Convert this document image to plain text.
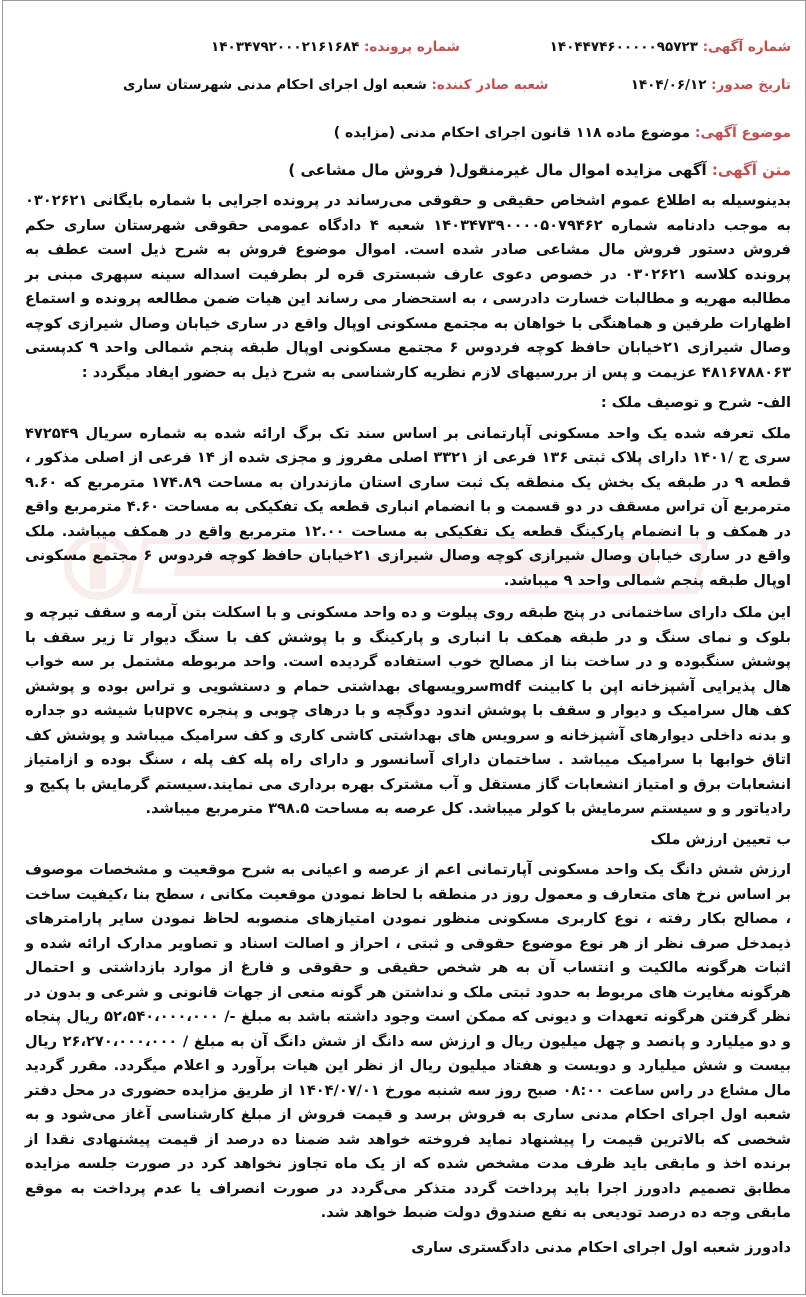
شماره آگهی: ۱۴۰۴۴۷۴۶۰۰۰۰۰۹۵۷۲۳
شماره پرونده: ۱۴۰۳۴۷۹۲۰۰۰۲۱۶۱۶۸۴
تاریخ صدور: ۱۴۰۴/۰۶/۱۲
شعبه صادر کننده: شعبه اول اجرای احکام مدنی شهرستان ساری
موضوع آگهی: موضوع ماده ۱۱۸ قانون اجرای احکام مدنی (مزایده )
متن آگهی: آگهی مزایده اموال مال غیرمنقول( فروش مال مشاعی )

بدینوسیله به اطلاع عموم اشخاص حقیقی و حقوقی می‌رساند در پرونده اجرایی با شماره بایگانی ۰۳۰۲۶۲۱ به موجب دادنامه شماره ۱۴۰۳۴۷۳۹۰۰۰۰۵۰۷۹۴۶۲ شعبه ۴ دادگاه عمومی حقوقی شهرستان ساری حکم فروش دستور فروش مال مشاعی صادر شده است. اموال موضوع فروش به شرح ذیل است عطف به پرونده کلاسه ۰۳۰۲۶۲۱ در خصوص دعوی عارف شبستری قره لر بطرفیت اسداله سینه سپهری مبنی بر مطالبه مهریه و مطالبات خسارت دادرسی ، به استحضار می رساند این هیات ضمن مطالعه پرونده و استماع اظهارات طرفین و هماهنگی با خواهان به مجتمع مسکونی اوپال واقع در ساری خیابان وصال شیرازی کوچه وصال شیرازی ۲۱خیابان حافظ کوچه فردوس ۶ مجتمع مسکونی اوپال طبقه پنجم شمالی واحد ۹ کدپستی ۴۸۱۶۷۸۸۰۶۳ عزیمت و پس از بررسیهای لازم نظریه کارشناسی به شرح ذیل به حضور ایفاد میگردد :

الف- شرح و توصیف ملک :

ملک تعرفه شده یک واحد مسکونی آپارتمانی بر اساس سند تک برگ ارائه شده به شماره سریال ۴۷۲۵۴۹ سری ج /۱۴۰۱ دارای پلاک ثبتی ۱۳۶ فرعی از ۳۳۲۱ اصلی مفروز و مجزی شده از ۱۴ فرعی از اصلی مذکور ، قطعه ۹ در طبقه یک بخش یک منطقه یک ثبت ساری استان مازندران به مساحت ۱۷۴.۸۹ مترمربع که ۹.۶۰ مترمربع آن تراس مسقف در دو قسمت و با انضمام انباری قطعه یک تفکیکی به مساحت ۴.۶۰ مترمربع واقع در همکف و با انضمام پارکینگ قطعه یک تفکیکی به مساحت ۱۲.۰۰ مترمربع واقع در همکف میباشد. ملک واقع در ساری خیابان وصال شیرازی کوچه وصال شیرازی ۲۱خیابان حافظ کوچه فردوس ۶ مجتمع مسکونی اوپال طبقه پنجم شمالی واحد ۹ میباشد.

این ملک دارای ساختمانی در پنج طبقه روی پیلوت و ده واحد مسکونی و با اسکلت بتن آرمه و سقف تیرچه و بلوک و نمای سنگ و در طبقه همکف با انباری و پارکینگ و با پوشش کف با سنگ دیوار تا زیر سقف با پوشش سنگبوده و در ساخت بنا از مصالح خوب استفاده گردیده است. واحد مربوطه مشتمل بر سه خواب هال پذیرایی آشپزخانه اپن با کابینت mdfسرویسهای بهداشتی حمام و دستشویی و تراس بوده و پوشش کف هال سرامیک و دیوار و سقف با پوشش اندود دوگچه و با درهای چوبی و پنجره upvcبا شیشه دو جداره و بدنه داخلی دیوارهای آشپزخانه و سرویس های بهداشتی کاشی کاری و کف سرامیک میباشد و پوشش کف اتاق خوابها با سرامیک میباشد . ساختمان دارای آسانسور و دارای راه پله کف پله ، سنگ بوده و ازامتیاز انشعابات برق و امتیاز انشعابات گاز مستقل و آب مشترک بهره برداری می نمایند.سیستم گرمایش با پکیج و رادیاتور و و سیستم سرمایش با کولر میباشد. کل عرصه به مساحت ۳۹۸.۵ مترمربع میباشد.

ب تعیین ارزش ملک

ارزش شش دانگ یک واحد مسکونی آپارتمانی اعم از عرصه و اعیانی به شرح موقعیت و مشخصات موصوف بر اساس نرخ های متعارف و معمول روز در منطقه با لحاظ نمودن موقعیت مکانی ، سطح بنا ،کیفیت ساخت ، مصالح بکار رفته ، نوع کاربری مسکونی منظور نمودن امتیازهای منصوبه لحاظ نمودن سایر پارامترهای ذیمدخل صرف نظر از هر نوع موضوع حقوقی و ثبتی ، احراز و اصالت اسناد و تصاویر مدارک ارائه شده و اثبات هرگونه مالکیت و انتساب آن به هر شخص حقیقی و حقوقی و فارغ از موارد بازداشتی و احتمال هرگونه مغایرت های مربوط به حدود ثبتی ملک و نداشتن هر گونه منعی از جهات قانونی و شرعی و بدون در نظر گرفتن هرگونه تعهدات و دیونی که ممکن است وجود داشته باشد به مبلغ -/ ۵۲،۵۴۰،۰۰۰،۰۰۰ ریال پنجاه و دو میلیارد و پانصد و چهل میلیون ریال و ارزش سه دانگ از شش دانگ آن به مبلغ / ۲۶،۲۷۰،۰۰۰،۰۰۰ ریال بیست و شش میلیارد و دویست و هفتاد میلیون ریال از نظر این هیات برآورد و اعلام میگردد. مقرر گردید مال مشاع در راس ساعت ۰۸:۰۰ صبح روز سه شنبه مورخ ۱۴۰۴/۰۷/۰۱ از طریق مزایده حضوری در محل دفتر شعبه اول اجرای احکام مدنی ساری به فروش برسد و قیمت فروش از مبلغ کارشناسی آغاز می‌شود و به شخصی که بالاترین قیمت را پیشنهاد نماید فروخته خواهد شد ضمنا ده درصد از قیمت پیشنهادی نقدا از برنده اخذ و مابقی باید ظرف مدت مشخص شده که از یک ماه تجاوز نخواهد کرد در صورت جلسه مزایده مطابق تصمیم دادورز اجرا باید پرداخت گردد متذکر می‌گردد در صورت انصراف یا عدم پرداخت به موقع مابقی وجه ده درصد تودیعی به نفع صندوق دولت ضبط خواهد شد.

دادورز شعبه اول اجرای احکام مدنی دادگستری ساری
